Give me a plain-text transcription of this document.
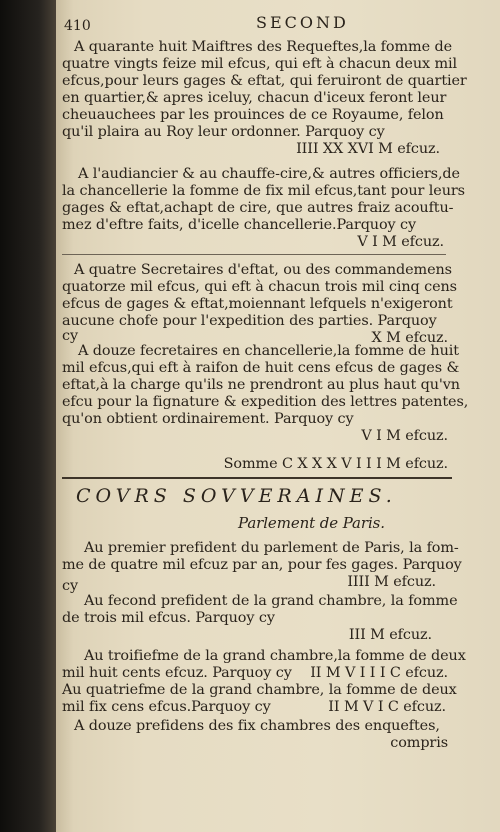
410	SECOND
A quarante huit Maiftres des Requeftes,la fomme de
quatre vingts feize mil efcus, qui eft à chacun deux mil
efcus,pour leurs gages & eftat, qui feruiront de quartier
en quartier,& apres iceluy, chacun d'iceux feront leur
cheuauchees par les prouinces de ce Royaume, felon
qu'il plaira au Roy leur ordonner. Parquoy cy
IIII XX XVI M efcuz.
A l'audiancier & au chauffe-cire,& autres officiers,de
la chancellerie la fomme de fix mil efcus,tant pour leurs
gages & eftat,achapt de cire, que autres fraiz acouftu-
mez d'eftre faits, d'icelle chancellerie.Parquoy cy
V I M efcuz.
A quatre Secretaires d'eftat, ou des commandemens
quatorze mil efcus, qui eft à chacun trois mil cinq cens
efcus de gages & eftat,moiennant lefquels n'exigeront
aucune chofe pour l'expedition des parties. Parquoy
X M efcuz.
cy
A douze fecretaires en chancellerie,la fomme de huit
mil efcus,qui eft à raifon de huit cens efcus de gages &
eftat,à la charge qu'ils ne prendront au plus haut qu'vn
efcu pour la fignature & expedition des lettres patentes,
qu'on obtient ordinairement. Parquoy cy
V I M efcuz.
Somme C X X X V I I I M efcuz.
COVRS SOVVERAINES.
Parlement de Paris.
Au premier prefident du parlement de Paris, la fom-
me de quatre mil efcuz par an, pour fes gages. Parquoy
IIII M efcuz.
cy
Au fecond prefident de la grand chambre, la fomme
de trois mil efcus. Parquoy cy
III M efcuz.
Au troifiefme de la grand chambre,la fomme de deux
mil huit cents efcuz. Parquoy cy	II M V I I I C efcuz.
Au quatriefme de la grand chambre, la fomme de deux
mil fix cens efcus.Parquoy cy	II M V I C efcuz.
A douze prefidens des fix chambres des enqueftes,
compris
